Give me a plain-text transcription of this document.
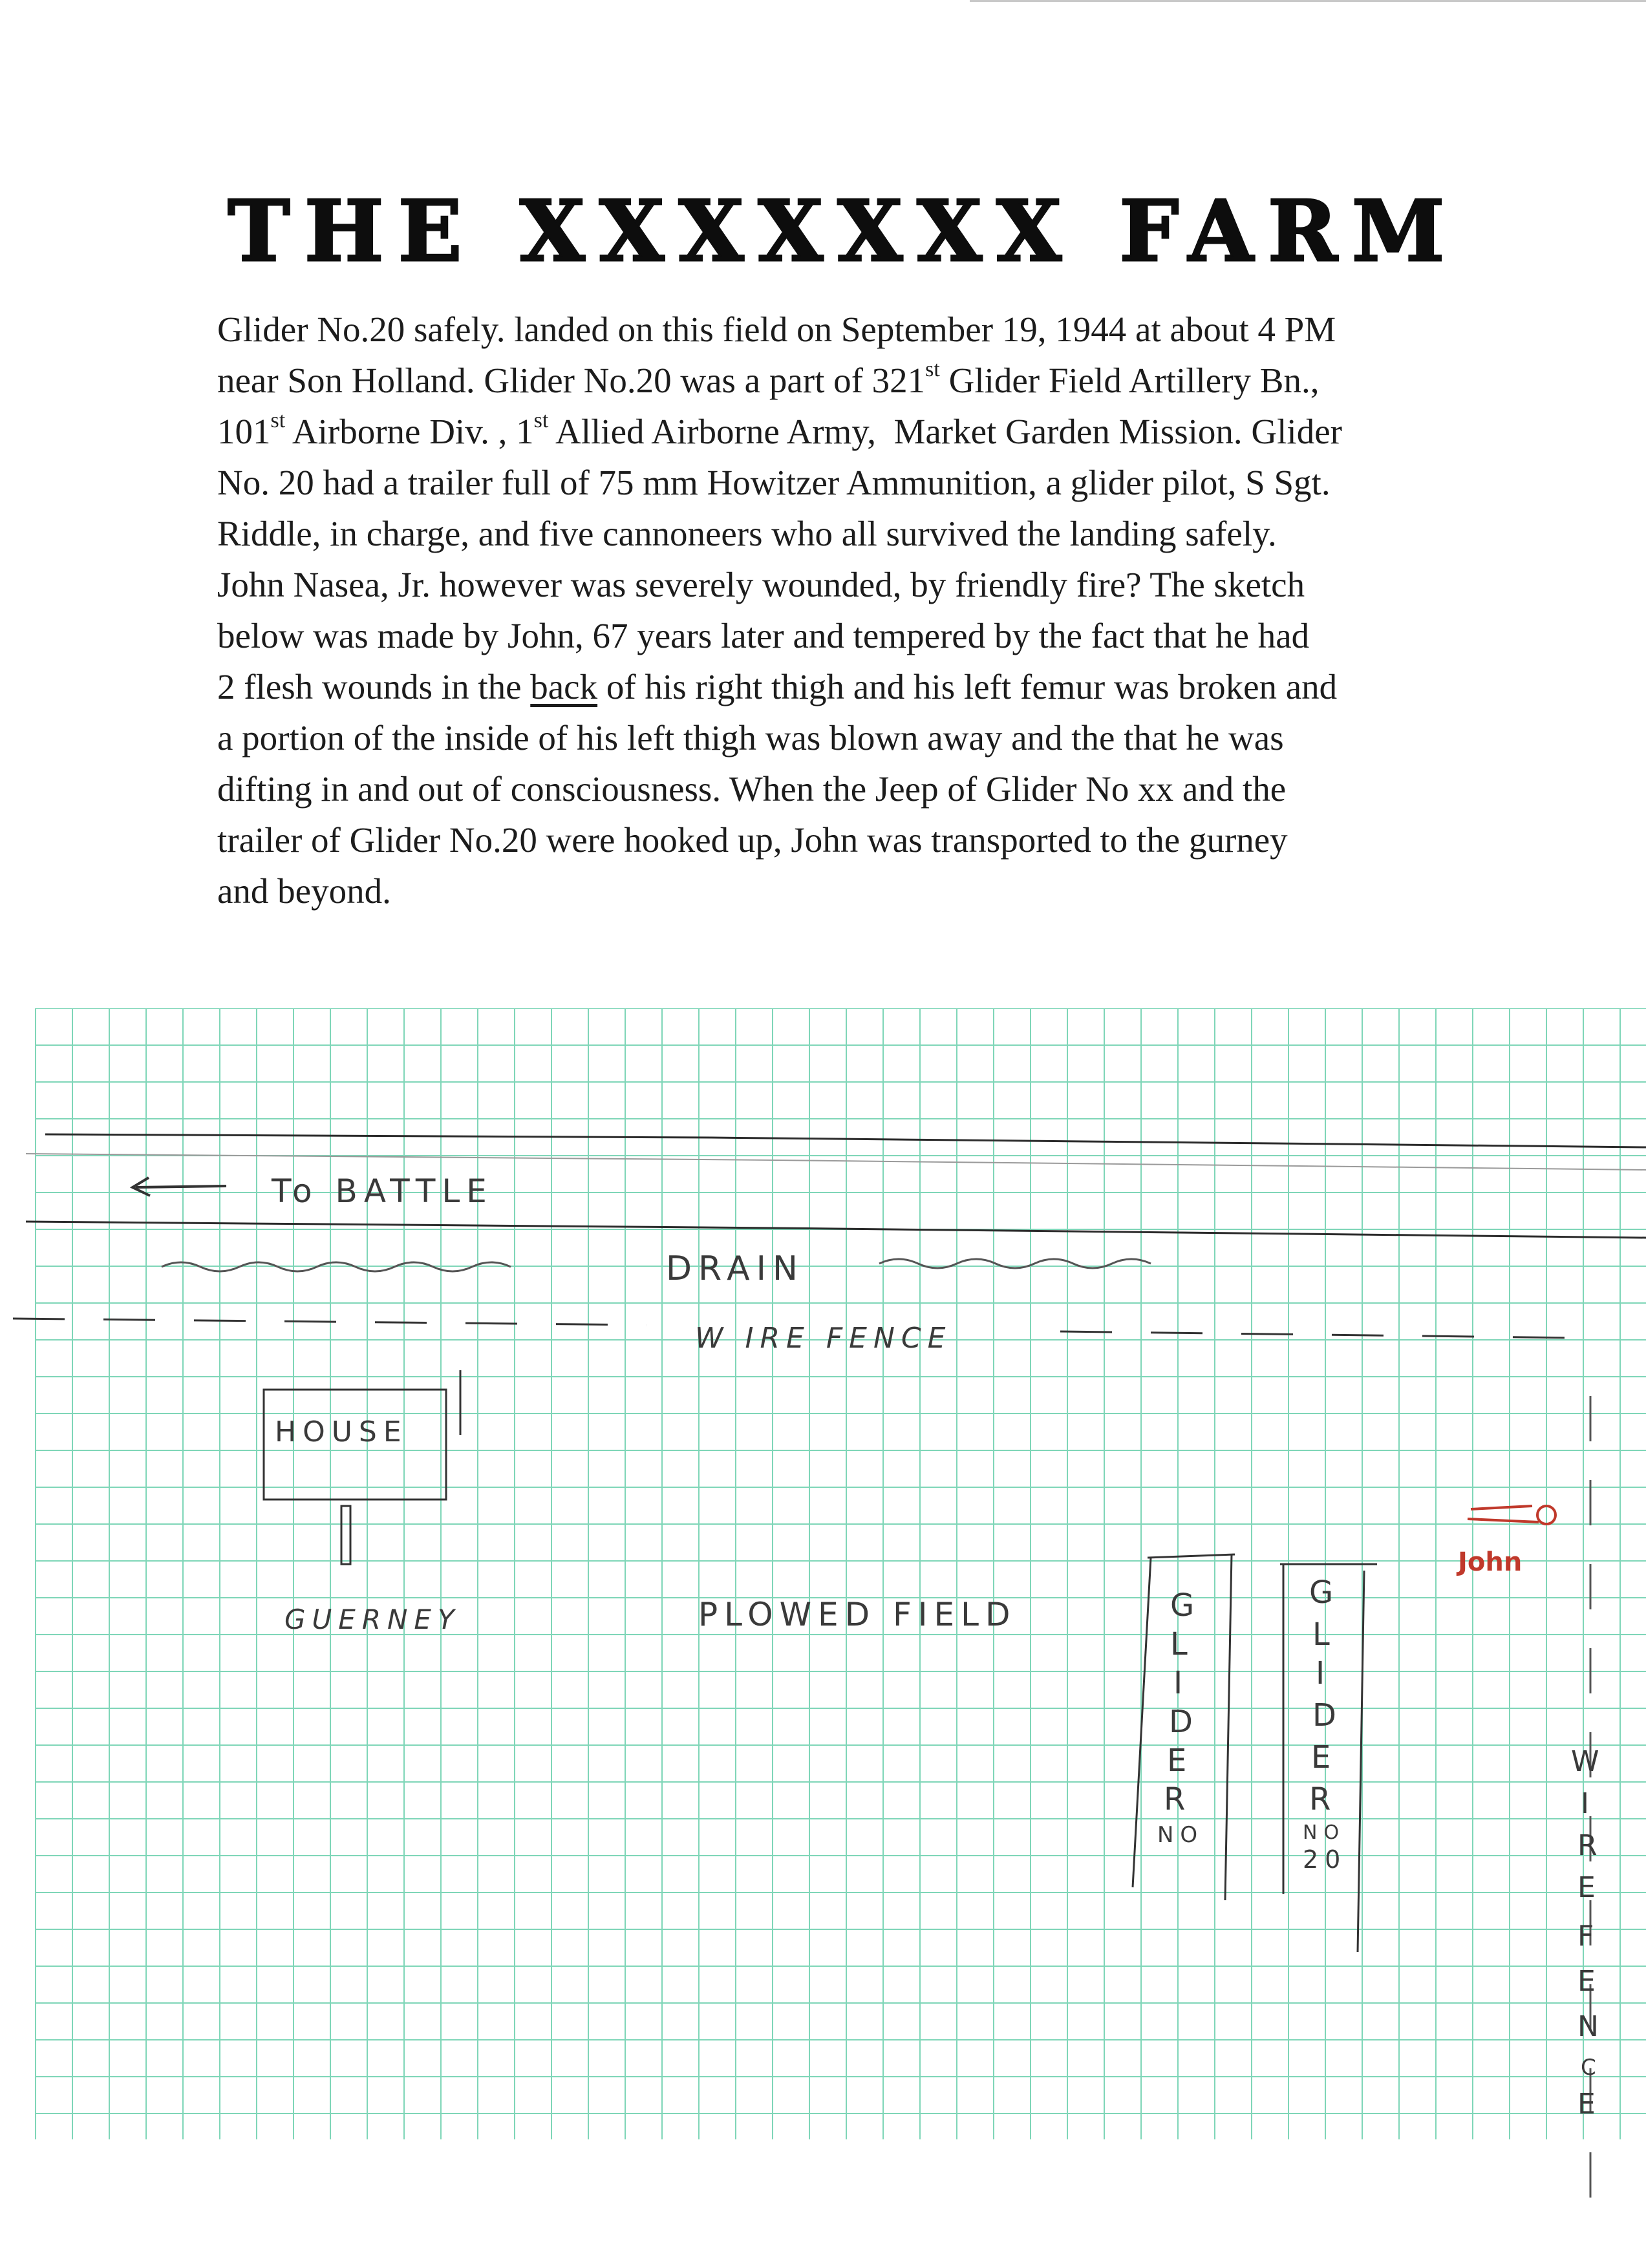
THE XXXXXXX FARM
Glider No.20 safely. landed on this field on September 19, 1944 at about 4 PM
near Son Holland. Glider No.20 was a part of 321st Glider Field Artillery Bn.,
101st Airborne Div. , 1st Allied Airborne Army,  Market Garden Mission. Glider
No. 20 had a trailer full of 75 mm Howitzer Ammunition, a glider pilot, S Sgt.
Riddle, in charge, and five cannoneers who all survived the landing safely.
John Nasea, Jr. however was severely wounded, by friendly fire? The sketch
below was made by John, 67 years later and tempered by the fact that he had
2 flesh wounds in the back of his right thigh and his left femur was broken and
a portion of the inside of his left thigh was blown away and the that he was
difting in and out of consciousness. When the Jeep of Glider No xx and the
trailer of Glider No.20 were hooked up, John was transported to the gurney
and beyond.
To BATTLE
DRAIN
W IRE FENCE
HOUSE
GUERNEY	PLOWED FIELD	G L I D E R NO
G L I D E R NO 20
John
W I R E F E N C E
